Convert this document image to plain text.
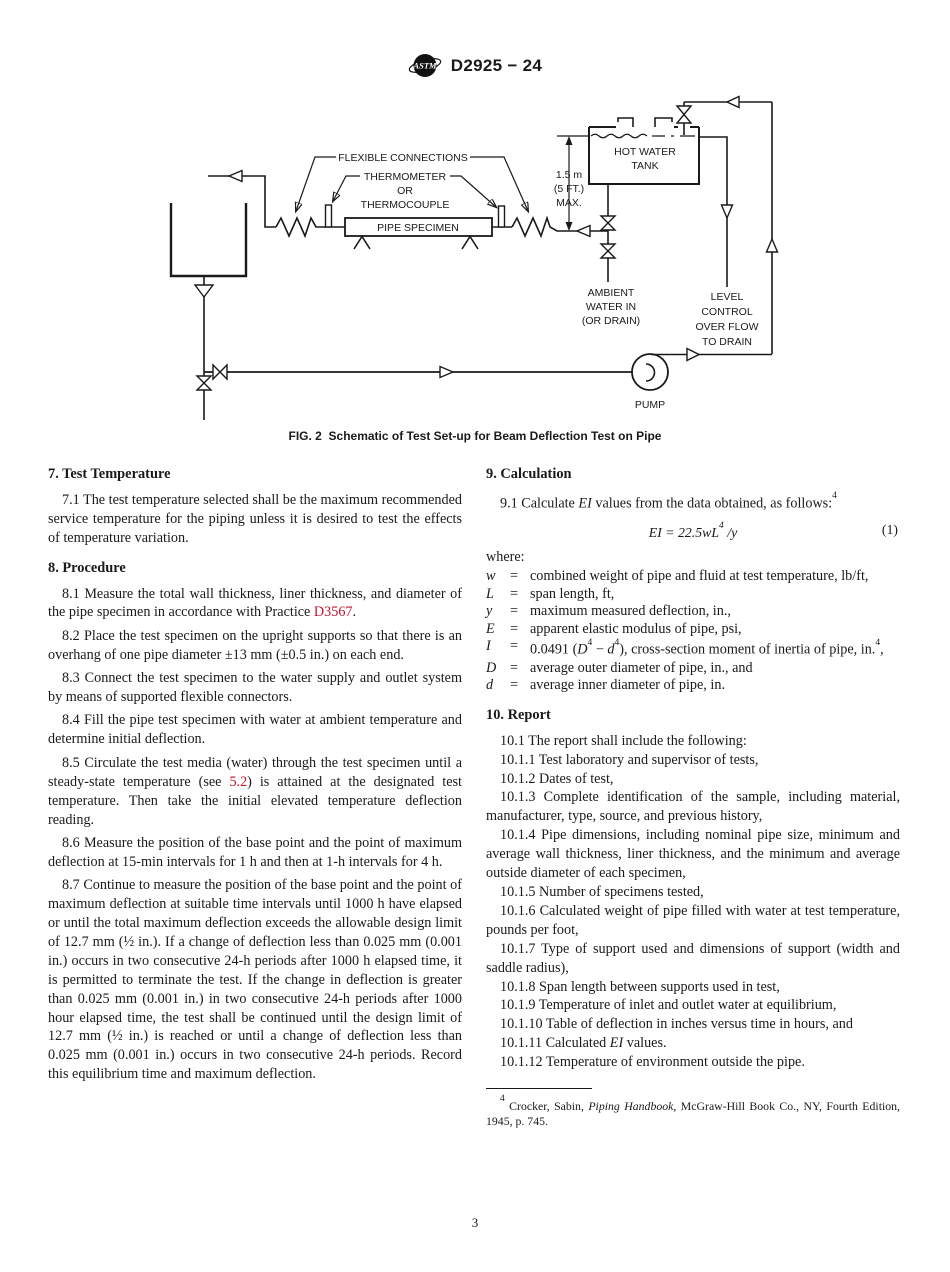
ASTM D2925 − 24
PIPE SPECIMEN
HOT WATER
TANK
LEVEL
CONTROL
OVER FLOW
TO DRAIN
AMBIENT
WATER IN
(OR DRAIN)
1.5 m
(5 FT.)
MAX.
PUMP
FLEXIBLE CONNECTIONS
THERMOMETER
OR
THERMOCOUPLE
FIG. 2  Schematic of Test Set-up for Beam Deflection Test on Pipe
7. Test Temperature

7.1 The test temperature selected shall be the maximum recommended service temperature for the piping unless it is desired to test the effects of temperature variation.

8. Procedure

8.1 Measure the total wall thickness, liner thickness, and diameter of the pipe specimen in accordance with Practice D3567.

8.2 Place the test specimen on the upright supports so that there is an overhang of one pipe diameter ±13 mm (±0.5 in.) on each end.

8.3 Connect the test specimen to the water supply and outlet system by means of supported flexible connectors.

8.4 Fill the pipe test specimen with water at ambient temperature and determine initial deflection.

8.5 Circulate the test media (water) through the test specimen until a steady-state temperature (see 5.2) is attained at the designated test temperature. Then take the initial elevated temperature deflection reading.

8.6 Measure the position of the base point and the point of maximum deflection at 15-min intervals for 1 h and then at 1-h intervals for 4 h.

8.7 Continue to measure the position of the base point and the point of maximum deflection at suitable time intervals until 1000 h have elapsed or until the total maximum deflection exceeds the allowable design limit of 12.7 mm (½ in.). If a change of deflection less than 0.025 mm (0.001 in.) occurs in two consecutive 24-h periods after 1000 h elapsed time, it is permitted to terminate the test. If the change in deflection is greater than 0.025 mm (0.001 in.) in two consecutive 24-h periods after 1000 hour elapsed time, the test shall be continued until the design limit of 12.7 mm (½ in.) is reached or until a change of deflection less than 0.025 mm (0.001 in.) occurs in two consecutive 24-h periods. Record this equilibrium time and maximum deflection.

9. Calculation

9.1 Calculate EI values from the data obtained, as follows:$^4$

EI = 22.5wL$^4$ /y	(1)

where:

w	= combined weight of pipe and fluid at test temperature, lb/ft,
L	= span length, ft,
y	= maximum measured deflection, in.,
E	= apparent elastic modulus of pipe, psi,
I	= 0.0491 (D$^4$ − d$^4$), cross-section moment of inertia of pipe, in.$^4$,
D = average outer diameter of pipe, in., and
d	= average inner diameter of pipe, in.
10. Report

10.1 The report shall include the following:

10.1.1 Test laboratory and supervisor of tests,

10.1.2 Dates of test,

10.1.3 Complete identification of the sample, including material, manufacturer, type, source, and previous history,

10.1.4 Pipe dimensions, including nominal pipe size, minimum and average wall thickness, liner thickness, and the minimum and average outside diameter of each specimen,

10.1.5 Number of specimens tested,

10.1.6 Calculated weight of pipe filled with water at test temperature, pounds per foot,

10.1.7 Type of support used and dimensions of support (width and saddle radius),

10.1.8 Span length between supports used in test,

10.1.9 Temperature of inlet and outlet water at equilibrium,

10.1.10 Table of deflection in inches versus time in hours, and

10.1.11 Calculated EI values.

10.1.12 Temperature of environment outside the pipe.

$^4$ Crocker, Sabin, Piping Handbook, McGraw-Hill Book Co., NY, Fourth Edition, 1945, p. 745.
3
